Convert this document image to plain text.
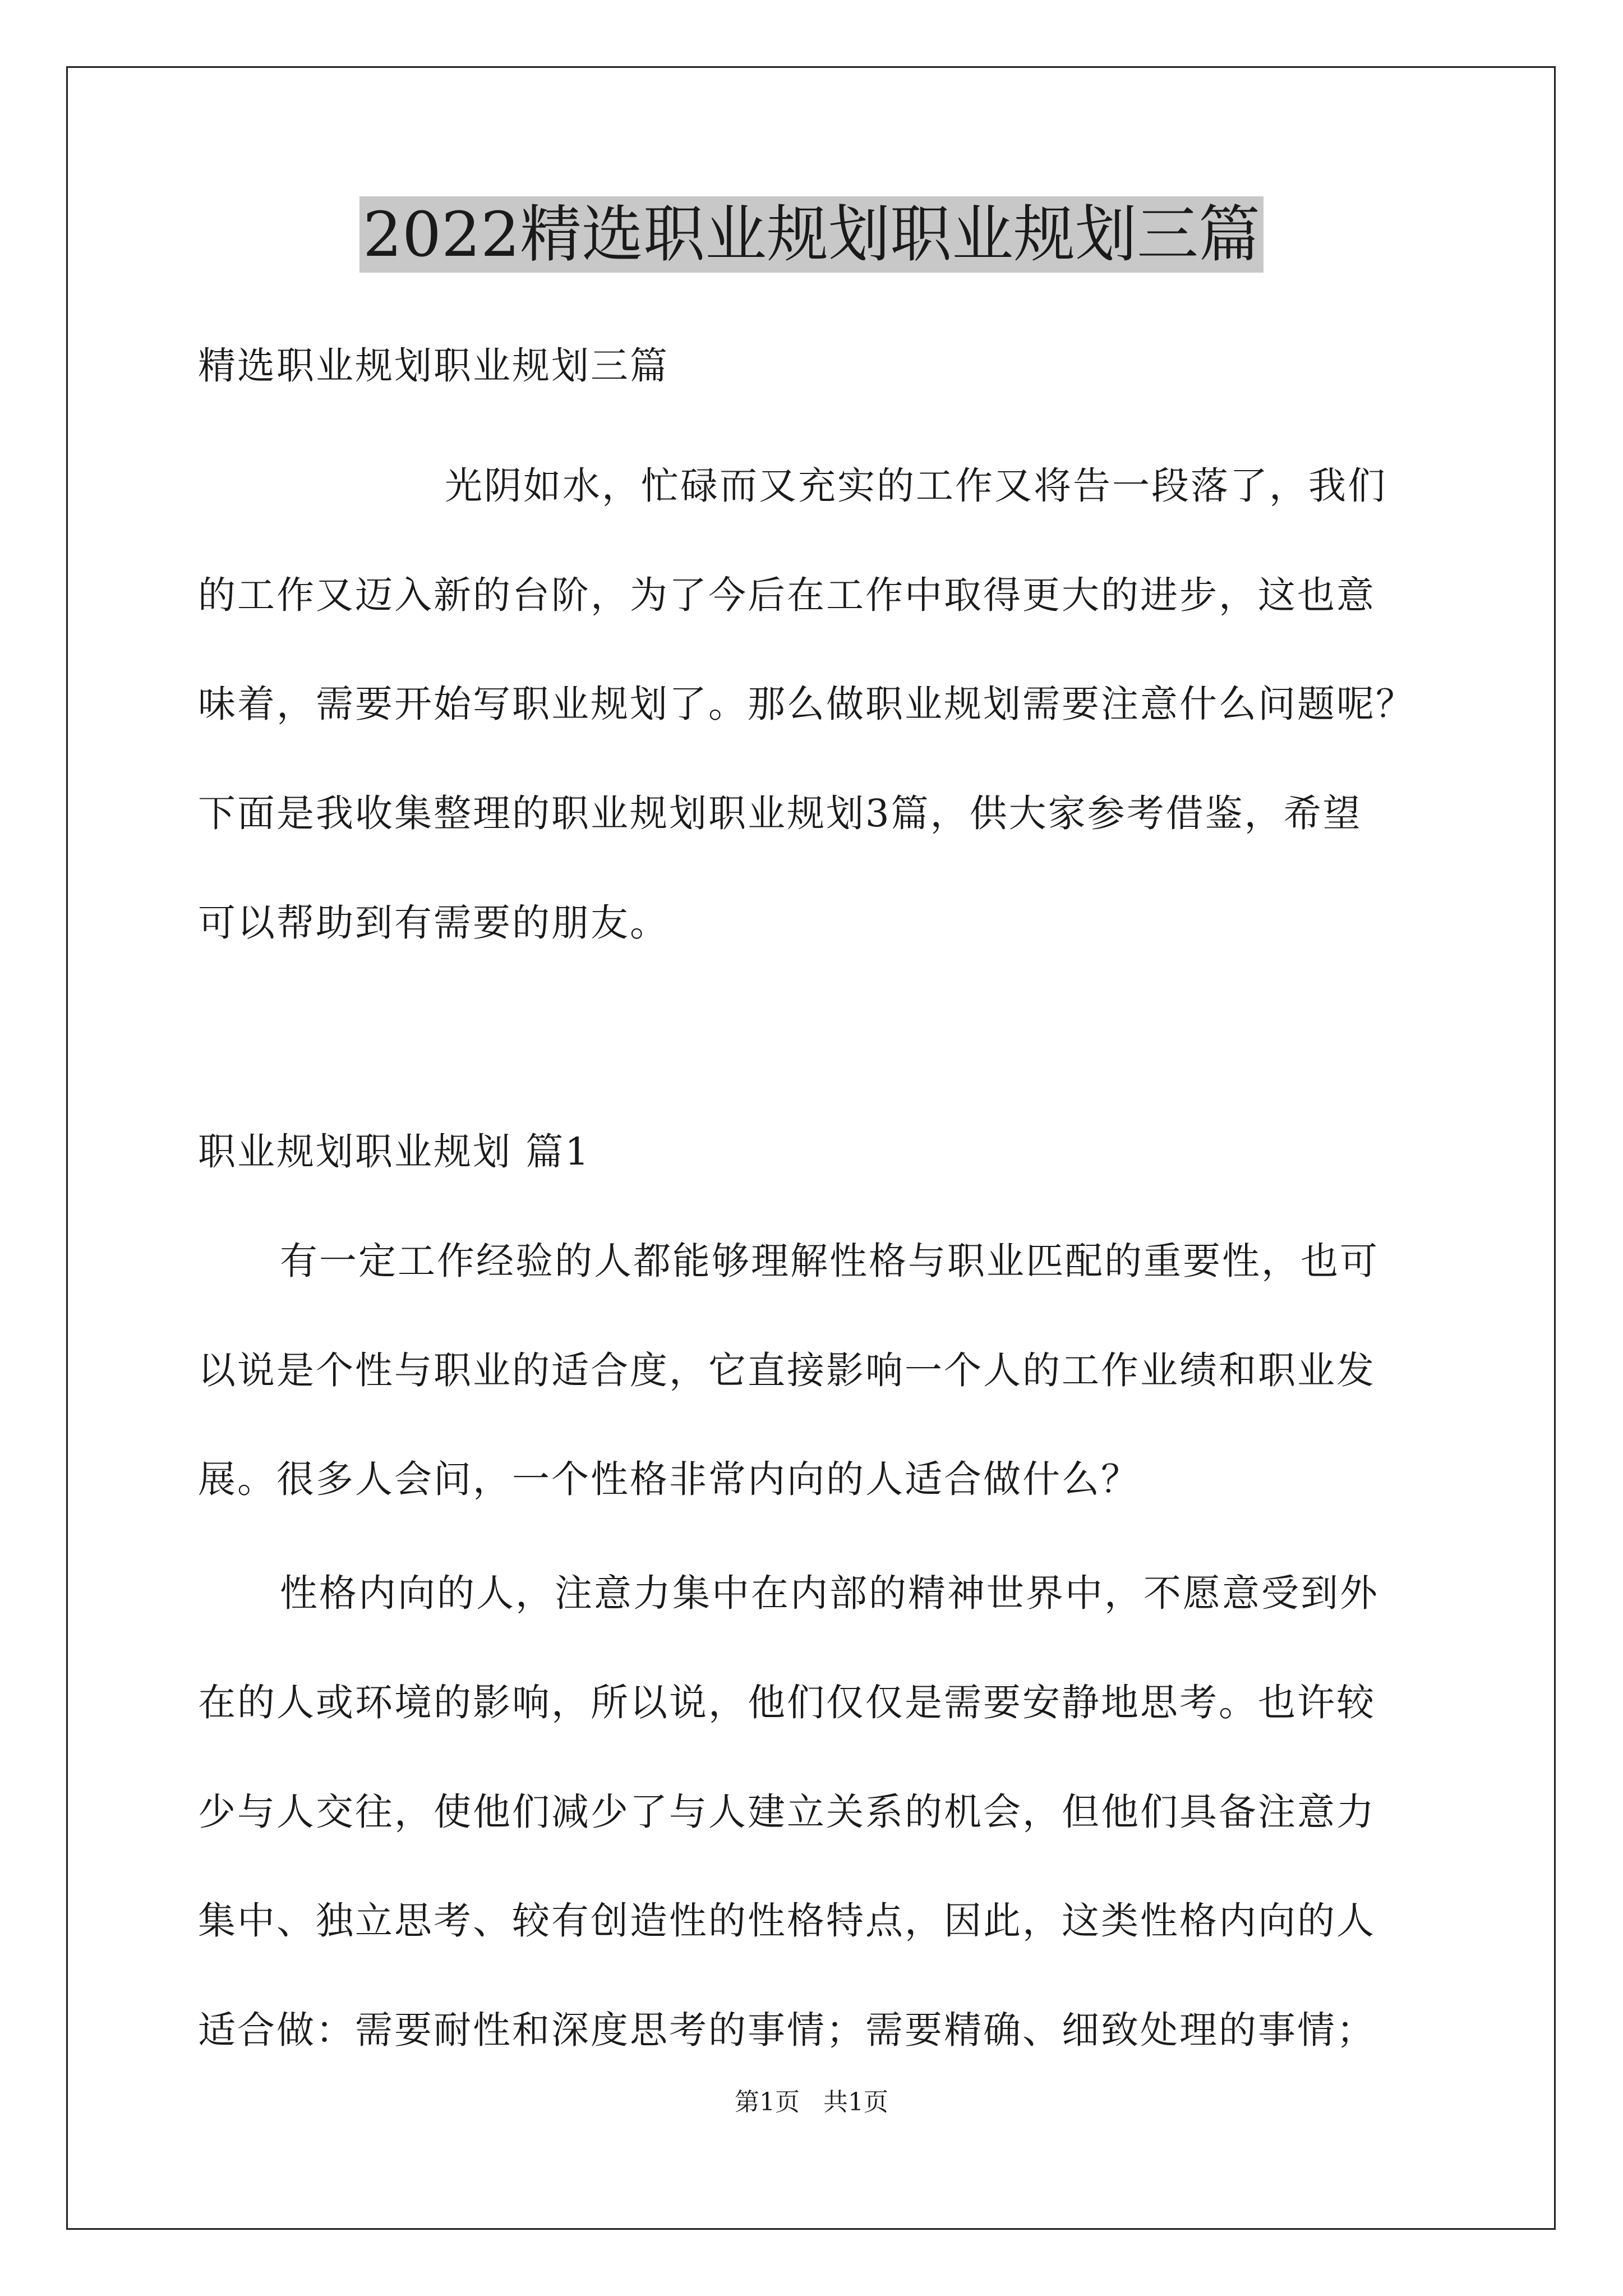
2022精选职业规划职业规划三篇
精选职业规划职业规划三篇
光阴如水，忙碌而又充实的工作又将告一段落了，我们
的工作又迈入新的台阶，为了今后在工作中取得更大的进步，这也意
味着，需要开始写职业规划了。那么做职业规划需要注意什么问题呢？
下面是我收集整理的职业规划职业规划3篇，供大家参考借鉴，希望
可以帮助到有需要的朋友。
职业规划职业规划 篇1
有一定工作经验的人都能够理解性格与职业匹配的重要性，也可
以说是个性与职业的适合度，它直接影响一个人的工作业绩和职业发
展。很多人会问，一个性格非常内向的人适合做什么？
性格内向的人，注意力集中在内部的精神世界中，不愿意受到外
在的人或环境的影响，所以说，他们仅仅是需要安静地思考。也许较
少与人交往，使他们减少了与人建立关系的机会，但他们具备注意力
集中、独立思考、较有创造性的性格特点，因此，这类性格内向的人
适合做：需要耐性和深度思考的事情；需要精确、细致处理的事情；
第1页 共1页
